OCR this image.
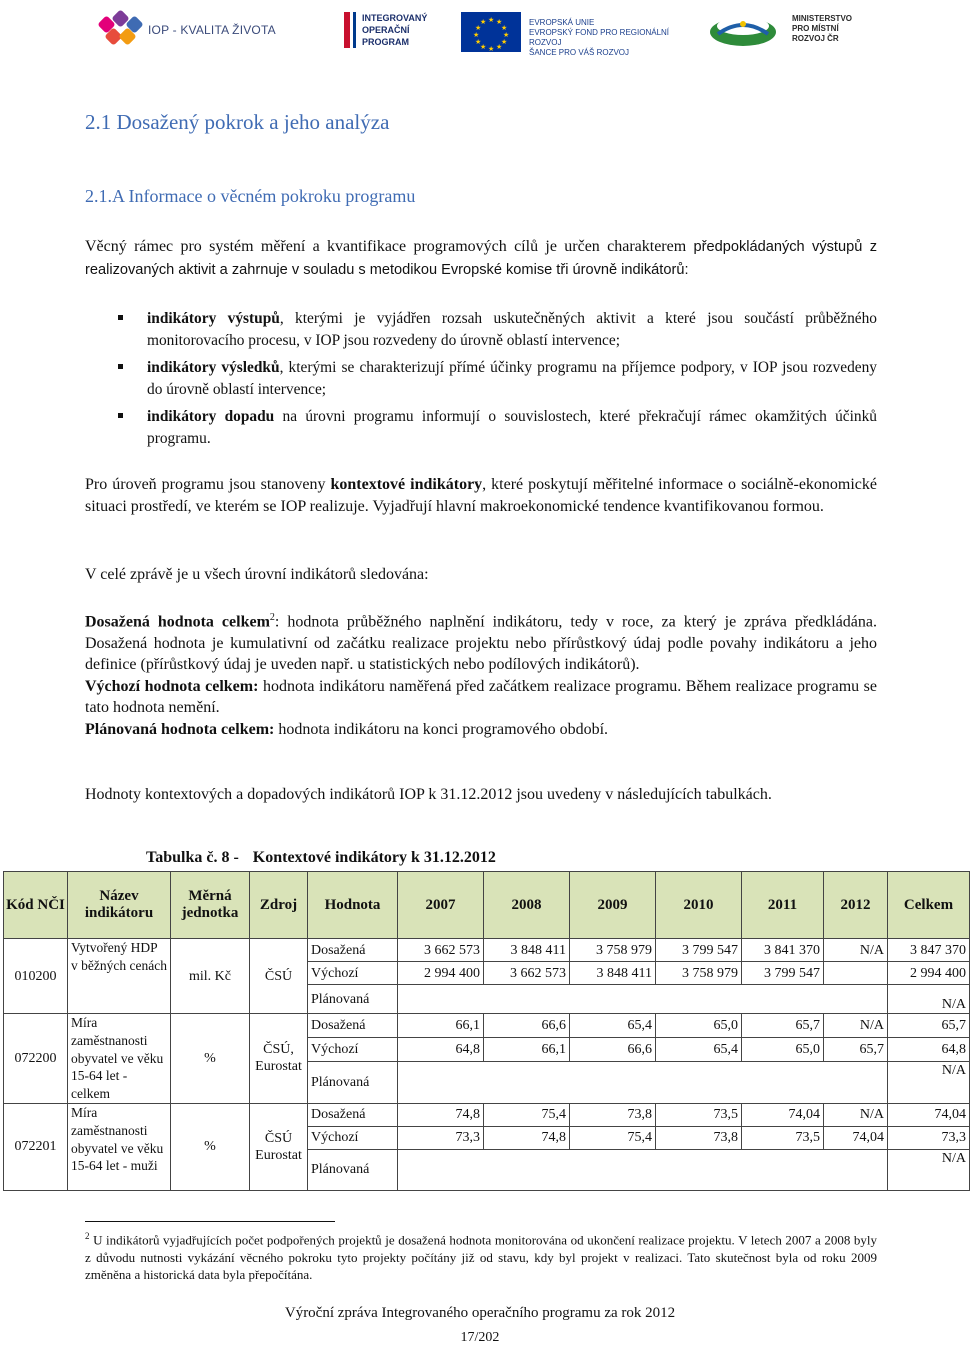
IOP - KVALITA ŽIVOTA
INTEGROVANÝ
OPERAČNÍ
PROGRAM
★ ★
★
★
★
★
★
★
★
★
★
★	EVROPSKÁ UNIE
EVROPSKÝ FOND PRO REGIONÁLNÍ ROZVOJ
ŠANCE PRO VÁŠ ROZVOJ
MINISTERSTVO
PRO MÍSTNÍ
ROZVOJ ČR
2.1 Dosažený pokrok a jeho analýza
2.1.A Informace o věcném pokroku programu

Věcný rámec pro systém měření a kvantifikace programových cílů je určen charakterem předpokládaných výstupů z realizovaných aktivit a zahrnuje v souladu s metodikou Evropské komise tři úrovně indikátorů:

indikátory výstupů, kterými je vyjádřen rozsah uskutečněných aktivit a které jsou součástí průběžného monitorovacího procesu, v IOP jsou rozvedeny do úrovně oblastí intervence;
indikátory výsledků, kterými se charakterizují přímé účinky programu na příjemce podpory, v IOP jsou rozvedeny do úrovně oblastí intervence;
indikátory dopadu na úrovni programu informují o souvislostech, které překračují rámec okamžitých účinků programu.

Pro úroveň programu jsou stanoveny kontextové indikátory, které poskytují měřitelné informace o sociálně-ekonomické situaci prostředí, ve kterém se IOP realizuje. Vyjadřují hlavní makroekonomické tendence kvantifikovanou formou.

V celé zprávě je u všech úrovní indikátorů sledována:

Dosažená hodnota celkem$^2$: hodnota průběžného naplnění indikátoru, tedy v roce, za který je zpráva předkládána. Dosažená hodnota je kumulativní od začátku realizace projektu nebo přírůstkový údaj podle povahy indikátoru a jeho definice (přírůstkový údaj je uveden např. u statistických nebo podílových indikátorů).
Výchozí hodnota celkem: hodnota indikátoru naměřená před začátkem realizace programu. Během realizace programu se tato hodnota nemění.
Plánovaná hodnota celkem: hodnota indikátoru na konci programového období.

Hodnoty kontextových a dopadových indikátorů IOP k 31.12.2012 jsou uvedeny v následujících tabulkách.

Tabulka č. 8 - Kontextové indikátory k 31.12.2012

Kód NČI	Název indikátoru	Měrná jednotka	Zdroj	Hodnota	2007	2008	2009	2010	2011	2012	Celkem
010200	Vytvořený HDP v běžných cenách	mil. Kč	ČSÚ	Dosažená	3 662 573	3 848 411	3 758 979	3 799 547	3 841 370	N/A	3 847 370
				Výchozí	2 994 400	3 662 573	3 848 411	3 758 979	3 799 547		2 994 400
				Plánovaná							N/A
072200	Míra zaměstnanosti obyvatel ve věku 15-64 let - celkem	%	ČSÚ, Eurostat	Dosažená	66,1	66,6	65,4	65,0	65,7	N/A	65,7
				Výchozí	64,8	66,1	66,6	65,4	65,0	65,7	64,8
				Plánovaná							N/A
072201	Míra zaměstnanosti obyvatel ve věku 15-64 let - muži	%	ČSÚ Eurostat	Dosažená	74,8	75,4	73,8	73,5	74,04	N/A	74,04
				Výchozí	73,3	74,8	75,4	73,8	73,5	74,04	73,3
				Plánovaná							N/A

$^2$ U indikátorů vyjadřujících počet podpořených projektů je dosažená hodnota monitorována od ukončení realizace projektu. V letech 2007 a 2008 byly z důvodu nutnosti vykázání věcného pokroku tyto projekty počítány již od stavu, kdy byl projekt v realizaci. Tato skutečnost byla od roku 2009 změněna a historická data byla přepočítána.

Výroční zpráva Integrovaného operačního programu za rok 2012

17/202
